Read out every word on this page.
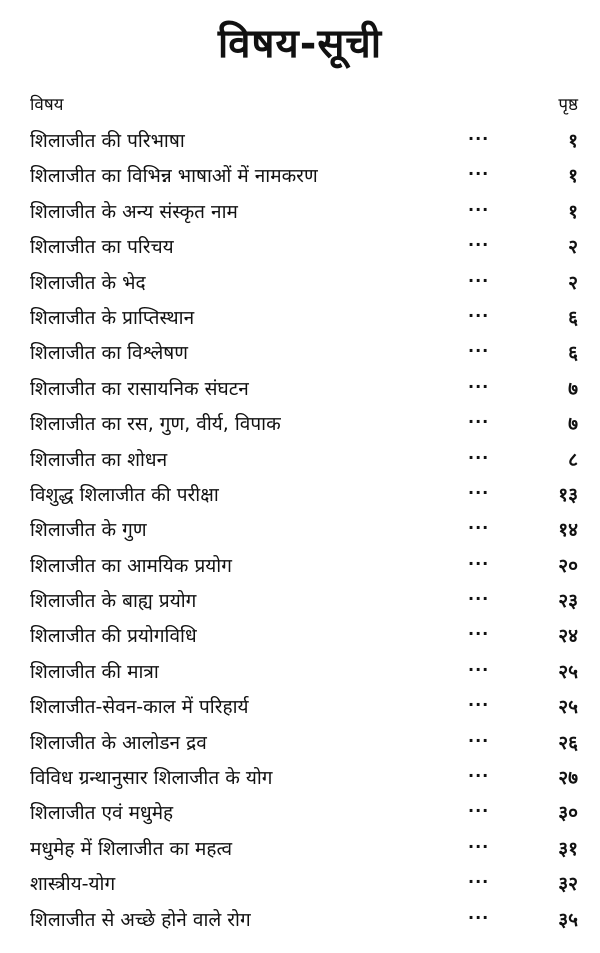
विषय-सूची
विषय	पृष्ठ
शिलाजीत की परिभाषा	···	१
शिलाजीत का विभिन्न भाषाओं में नामकरण	···	१
शिलाजीत के अन्य संस्कृत नाम	···	१
शिलाजीत का परिचय	···	२
शिलाजीत के भेद	···	२
शिलाजीत के प्राप्तिस्थान	···	६
शिलाजीत का विश्लेषण	···	६
शिलाजीत का रासायनिक संघटन	···	७
शिलाजीत का रस, गुण, वीर्य, विपाक	···	७
शिलाजीत का शोधन	···	८
विशुद्ध शिलाजीत की परीक्षा	···	१३
शिलाजीत के गुण	···	१४
शिलाजीत का आमयिक प्रयोग	···	२०
शिलाजीत के बाह्य प्रयोग	···	२३
शिलाजीत की प्रयोगविधि	···	२४
शिलाजीत की मात्रा	···	२५
शिलाजीत-सेवन-काल में परिहार्य	···	२५
शिलाजीत के आलोडन द्रव	···	२६
विविध ग्रन्थानुसार शिलाजीत के योग	···	२७
शिलाजीत एवं मधुमेह	···	३०
मधुमेह में शिलाजीत का महत्व	···	३१
शास्त्रीय-योग	···	३२
शिलाजीत से अच्छे होने वाले रोग	···	३५
